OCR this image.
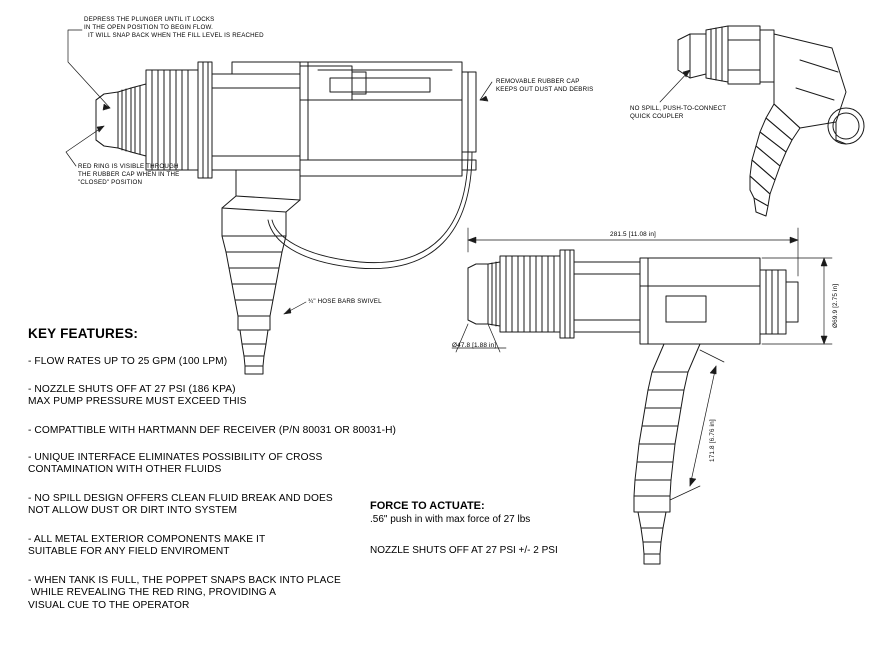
DEPRESS THE PLUNGER UNTIL IT LOCKS
IN THE OPEN POSITION TO BEGIN FLOW.
IT WILL SNAP BACK WHEN THE FILL LEVEL IS REACHED
RED RING IS VISIBLE THROUGH
THE RUBBER CAP WHEN IN THE
"CLOSED" POSITION
REMOVABLE RUBBER CAP
KEEPS OUT DUST AND DEBRIS
NO SPILL, PUSH-TO-CONNECT
QUICK COUPLER
¾" HOSE BARB SWIVEL
281.5 [11.08 in]
Ø69.9 [2.75 in]
Ø47.8 [1.88 in]
171.8 [6.76 in]
KEY FEATURES:
- FLOW RATES UP TO 25 GPM (100 LPM)
- NOZZLE SHUTS OFF AT 27 PSI (186 KPA)
MAX PUMP PRESSURE MUST EXCEED THIS
- COMPATTIBLE WITH HARTMANN DEF RECEIVER (P/N 80031 OR 80031-H)
- UNIQUE INTERFACE ELIMINATES POSSIBILITY OF CROSS
CONTAMINATION WITH OTHER FLUIDS
- NO SPILL DESIGN OFFERS CLEAN FLUID BREAK AND DOES
NOT ALLOW DUST OR DIRT INTO SYSTEM
- ALL METAL EXTERIOR COMPONENTS MAKE IT
SUITABLE FOR ANY FIELD ENVIROMENT
- WHEN TANK IS FULL, THE POPPET SNAPS BACK INTO PLACE
WHILE REVEALING THE RED RING, PROVIDING A
VISUAL CUE TO THE OPERATOR
FORCE TO ACTUATE:
.56" push in with max force of 27 lbs
NOZZLE SHUTS OFF AT 27 PSI +/- 2 PSI
